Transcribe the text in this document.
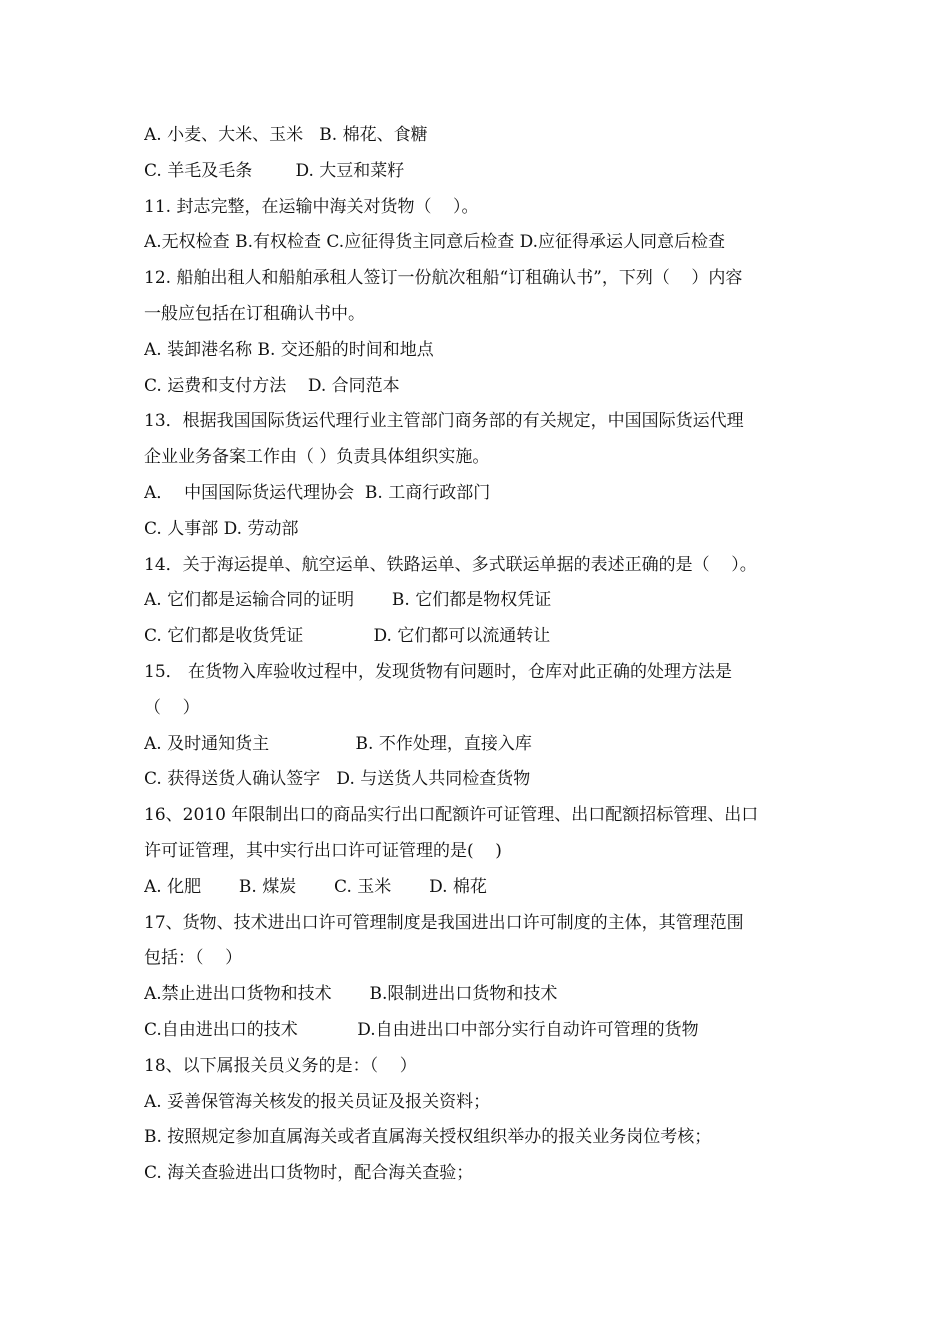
A. 小麦、大米、玉米   B. 棉花、食糖
C. 羊毛及毛条        D. 大豆和菜籽
11. 封志完整，在运输中海关对货物（    ）。
A.无权检查 B.有权检查 C.应征得货主同意后检查 D.应征得承运人同意后检查
12. 船舶出租人和船舶承租人签订一份航次租船“订租确认书”，下列（    ）内容
一般应包括在订租确认书中。
A. 装卸港名称 B. 交还船的时间和地点
C. 运费和支付方法    D. 合同范本
13．根据我国国际货运代理行业主管部门商务部的有关规定，中国国际货运代理
企业业务备案工作由（ ）负责具体组织实施。
A．  中国国际货运代理协会  B. 工商行政部门
C. 人事部 D. 劳动部
14．关于海运提单、航空运单、铁路运单、多式联运单据的表述正确的是（    ）。
A. 它们都是运输合同的证明       B. 它们都是物权凭证
C. 它们都是收货凭证             D. 它们都可以流通转让
15． 在货物入库验收过程中，发现货物有问题时，仓库对此正确的处理方法是
（    ）
A. 及时通知货主                B. 不作处理，直接入库
C. 获得送货人确认签字   D. 与送货人共同检查货物
16、2010 年限制出口的商品实行出口配额许可证管理、出口配额招标管理、出口
许可证管理，其中实行出口许可证管理的是(    )
A. 化肥       B. 煤炭       C. 玉米       D. 棉花
17、货物、技术进出口许可管理制度是我国进出口许可制度的主体，其管理范围
包括：（    ）
A.禁止进出口货物和技术       B.限制进出口货物和技术
C.自由进出口的技术           D.自由进出口中部分实行自动许可管理的货物
18、以下属报关员义务的是：（    ）
A. 妥善保管海关核发的报关员证及报关资料；
B. 按照规定参加直属海关或者直属海关授权组织举办的报关业务岗位考核；
C. 海关查验进出口货物时，配合海关查验；
